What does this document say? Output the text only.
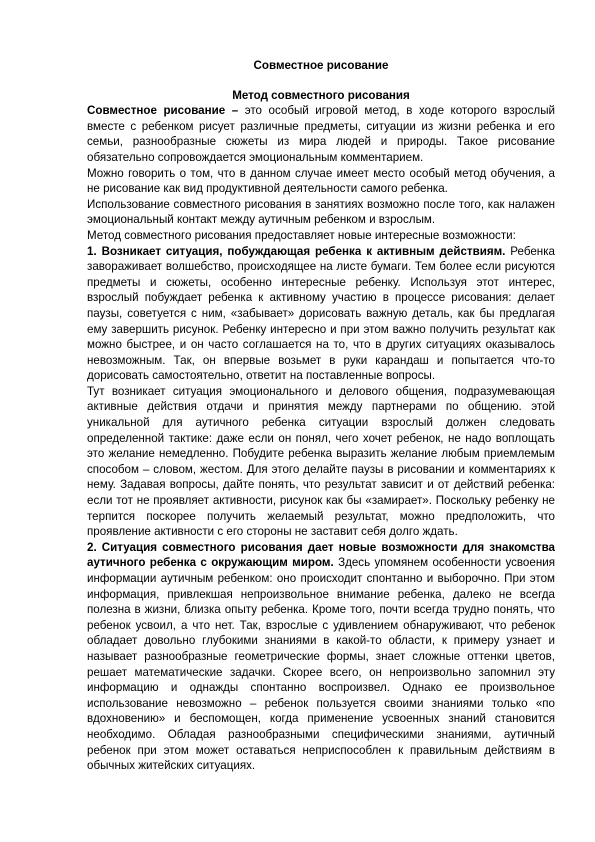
Совместное рисование

Метод совместного рисования

Совместное рисование – это особый игровой метод, в ходе которого взрослый вместе с ребенком рисует различные предметы, ситуации из жизни ребенка и его семьи, разнообразные сюжеты из мира людей и природы. Такое рисование обязательно сопровождается эмоциональным комментарием.

Можно говорить о том, что в данном случае имеет место особый метод обучения, а не рисование как вид продуктивной деятельности самого ребенка.

Использование совместного рисования в занятиях возможно после того, как налажен эмоциональный контакт между аутичным ребенком и взрослым.

Метод совместного рисования предоставляет новые интересные возможности:

1. Возникает ситуация, побуждающая ребенка к активным действиям. Ребенка завораживает волшебство, происходящее на листе бумаги. Тем более если рисуются предметы и сюжеты, особенно интересные ребенку. Используя этот интерес, взрослый побуждает ребенка к активному участию в процессе рисования: делает паузы, советуется с ним, «забывает» дорисовать важную деталь, как бы предлагая ему завершить рисунок. Ребенку интересно и при этом важно получить результат как можно быстрее, и он часто соглашается на то, что в других ситуациях оказывалось невозможным. Так, он впервые возьмет в руки карандаш и попытается что-то дорисовать самостоятельно, ответит на поставленные вопросы.

Тут возникает ситуация эмоционального и делового общения, подразумевающая активные действия отдачи и принятия между партнерами по общению. этой уникальной для аутичного ребенка ситуации взрослый должен следовать определенной тактике: даже если он понял, чего хочет ребенок, не надо воплощать это желание немедленно. Побудите ребенка выразить желание любым приемлемым способом – словом, жестом. Для этого делайте паузы в рисовании и комментариях к нему. Задавая вопросы, дайте понять, что результат зависит и от действий ребенка: если тот не проявляет активности, рисунок как бы «замирает». Поскольку ребенку не терпится поскорее получить желаемый результат, можно предположить, что проявление активности с его стороны не заставит себя долго ждать.

2. Ситуация совместного рисования дает новые возможности для знакомства аутичного ребенка с окружающим миром. Здесь упомянем особенности усвоения информации аутичным ребенком: оно происходит спонтанно и выборочно. При этом информация, привлекшая непроизвольное внимание ребенка, далеко не всегда полезна в жизни, близка опыту ребенка. Кроме того, почти всегда трудно понять, что ребенок усвоил, а что нет. Так, взрослые с удивлением обнаруживают, что ребенок обладает довольно глубокими знаниями в какой-то области, к примеру узнает и называет разнообразные геометрические формы, знает сложные оттенки цветов, решает математические задачки. Скорее всего, он непроизвольно запомнил эту информацию и однажды спонтанно воспроизвел. Однако ее произвольное использование невозможно – ребенок пользуется своими знаниями только «по вдохновению» и беспомощен, когда применение усвоенных знаний становится необходимо. Обладая разнообразными специфическими знаниями, аутичный ребенок при этом может оставаться неприспособлен к правильным действиям в обычных житейских ситуациях.
